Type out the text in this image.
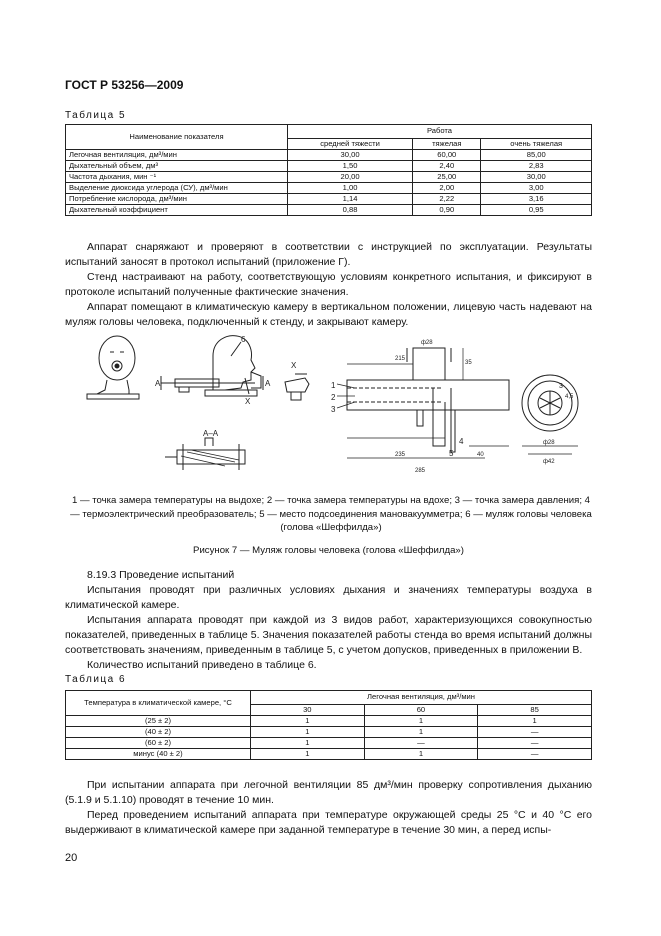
ГОСТ Р 53256—2009
Таблица 5
Наименование показателя	Работа		
	средней тяжести	тяжелая	очень тяжелая
Легочная вентиляция, дм³/мин	30,00	60,00	85,00
Дыхательный объем, дм³	1,50	2,40	2,83
Частота дыхания, мин ⁻¹	20,00	25,00	30,00
Выделение диоксида углерода (СУ), дм³/мин	1,00	2,00	3,00
Потребление кислорода, дм³/мин	1,14	2,22	3,16
Дыхательный коэффициент	0,88	0,90	0,95

Аппарат снаряжают и проверяют в соответствии с инструкцией по эксплуатации. Результаты испытаний заносят в протокол испытаний (приложение Г).

Стенд настраивают на работу, соответствующую условиям конкретного испытания, и фиксируют в протоколе испытаний полученные фактические значения.

Аппарат помещают в климатическую камеру в вертикальном положении, лицевую часть надевают на муляж головы человека, подключенный к стенду, и закрывают камеру.

6
A	A
X
X
A–A
ф28
215
35
1
2
3
4
5
235
285
40
3
4,5
ф28
ф42
1 — точка замера температуры на выдохе; 2 — точка замера температуры на вдохе; 3 — точка замера давления; 4 — термоэлектрический преобразователь; 5 — место подсоединения мановакуумметра; 6 — муляж головы человека (голова «Шеффилда»)
Рисунок 7 — Муляж головы человека (голова «Шеффилда»)

8.19.3 Проведение испытаний

Испытания проводят при различных условиях дыхания и значениях температуры воздуха в климатической камере.

Испытания аппарата проводят при каждой из 3 видов работ, характеризующихся совокупностью показателей, приведенных в таблице 5. Значения показателей работы стенда во время испытаний должны соответствовать значениям, приведенным в таблице 5, с учетом допусков, приведенных в приложении В.

Количество испытаний приведено в таблице 6.

Таблица 6
Температура в климатической камере, °С	Легочная вентиляция, дм³/мин		
	30	60	85
(25 ± 2)	1	1	1
(40 ± 2)	1	1	—
(60 ± 2)	1	—	—
минус (40 ± 2)	1	1	—

При испытании аппарата при легочной вентиляции 85 дм³/мин проверку сопротивления дыханию (5.1.9 и 5.1.10) проводят в течение 10 мин.

Перед проведением испытаний аппарата при температуре окружающей среды 25 °С и 40 °С его выдерживают в климатической камере при заданной температуре в течение 30 мин, а перед испы-

20
